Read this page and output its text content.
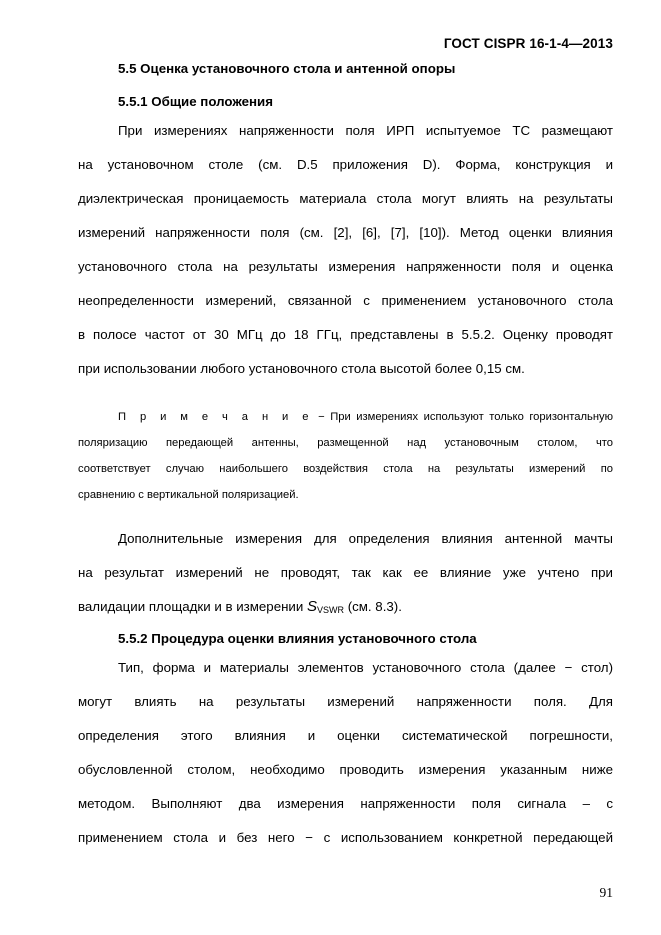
ГОСТ CISPR 16-1-4—2013
5.5 Оценка установочного стола и антенной опоры
5.5.1 Общие положения
При измерениях напряженности поля ИРП испытуемое ТС размещают
на установочном столе (см. D.5 приложения D). Форма, конструкция и
диэлектрическая проницаемость материала стола могут влиять на результаты
измерений напряженности поля (см. [2], [6], [7], [10]). Метод оценки влияния
установочного стола на результаты измерения напряженности поля и оценка
неопределенности измерений, связанной с применением установочного стола
в полосе частот от 30 МГц до 18 ГГц, представлены в 5.5.2. Оценку проводят
при использовании любого установочного стола высотой более 0,15 см.
П р и м е ч а н и е − При измерениях используют только горизонтальную
поляризацию передающей антенны, размещенной над установочным столом, что
соответствует случаю наибольшего воздействия стола на результаты измерений по
сравнению с вертикальной поляризацией.
Дополнительные измерения для определения влияния антенной мачты
на результат измерений не проводят, так как ее влияние уже учтено при
валидации площадки и в измерении $S_{VSWR}$ (см. 8.3).
5.5.2 Процедура оценки влияния установочного стола
Тип, форма и материалы элементов установочного стола (далее − стол)
могут влиять на результаты измерений напряженности поля. Для
определения этого влияния и оценки систематической погрешности,
обусловленной столом, необходимо проводить измерения указанным ниже
методом. Выполняют два измерения напряженности поля сигнала – с
применением стола и без него − с использованием конкретной передающей
91
